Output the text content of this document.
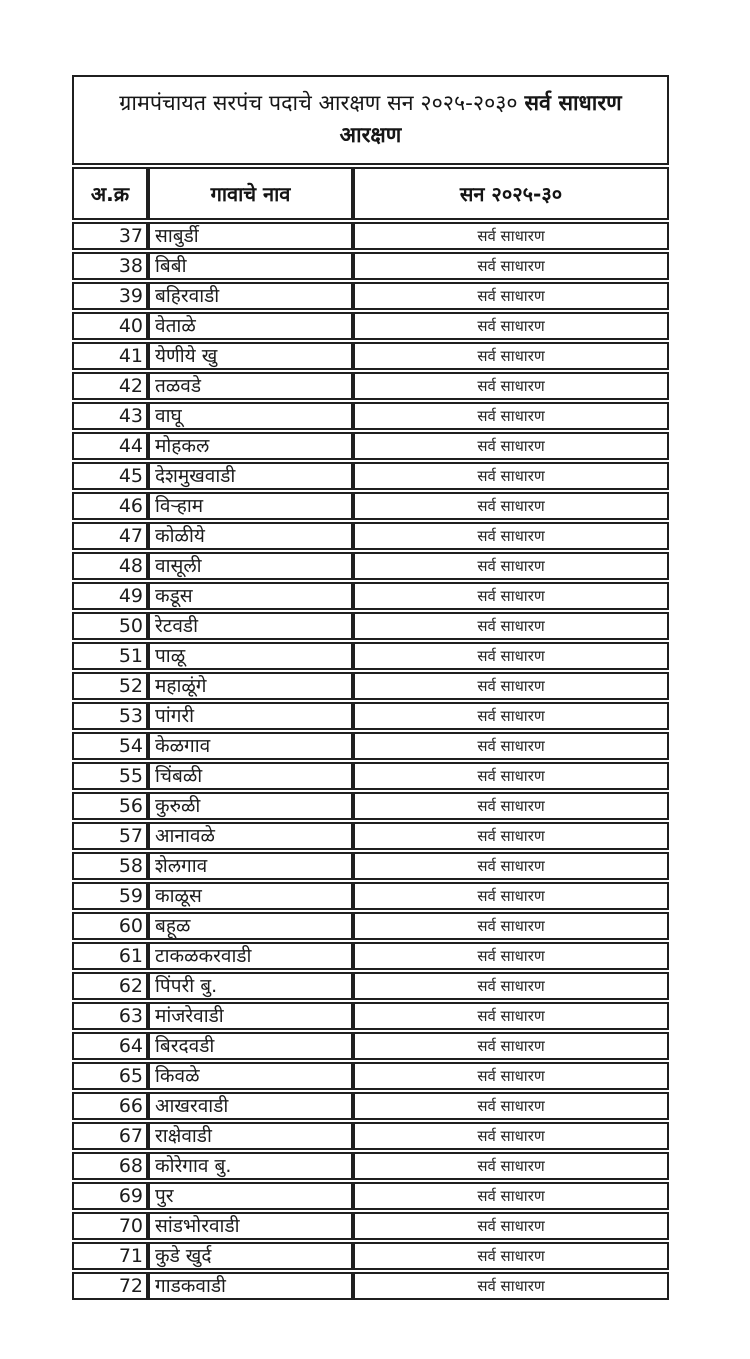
ग्रामपंचायत सरपंच पदाचे आरक्षण सन २०२५-२०३० सर्व साधारण आरक्षण
अ.क्र	गावाचे नाव	सन २०२५-३०
37	साबुर्डी	सर्व साधारण
38	बिबी	सर्व साधारण
39	बहिरवाडी	सर्व साधारण
40	वेताळे	सर्व साधारण
41	येणीये खु	सर्व साधारण
42	तळवडे	सर्व साधारण
43	वाघू	सर्व साधारण
44	मोहकल	सर्व साधारण
45	देशमुखवाडी	सर्व साधारण
46	विऱ्हाम	सर्व साधारण
47	कोळीये	सर्व साधारण
48	वासूली	सर्व साधारण
49	कडूस	सर्व साधारण
50	रेटवडी	सर्व साधारण
51	पाळू	सर्व साधारण
52	महाळूंगे	सर्व साधारण
53	पांगरी	सर्व साधारण
54	केळगाव	सर्व साधारण
55	चिंबळी	सर्व साधारण
56	कुरुळी	सर्व साधारण
57	आनावळे	सर्व साधारण
58	शेलगाव	सर्व साधारण
59	काळूस	सर्व साधारण
60	बहूळ	सर्व साधारण
61	टाकळकरवाडी	सर्व साधारण
62	पिंपरी बु.	सर्व साधारण
63	मांजरेवाडी	सर्व साधारण
64	बिरदवडी	सर्व साधारण
65	किवळे	सर्व साधारण
66	आखरवाडी	सर्व साधारण
67	राक्षेवाडी	सर्व साधारण
68	कोरेगाव बु.	सर्व साधारण
69	पुर	सर्व साधारण
70	सांडभोरवाडी	सर्व साधारण
71	कुडे खुर्द	सर्व साधारण
72	गाडकवाडी	सर्व साधारण
